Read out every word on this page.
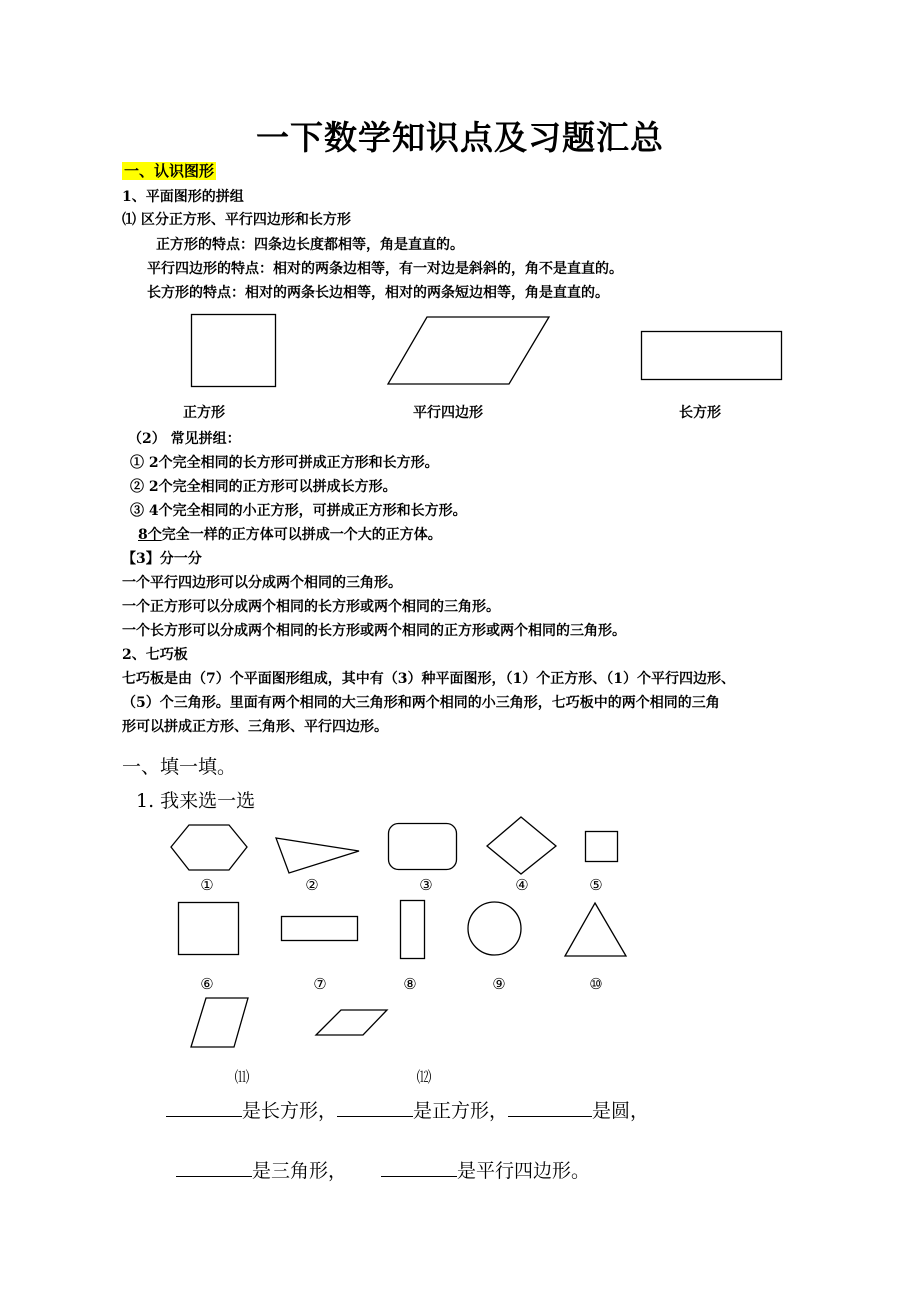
一下数学知识点及习题汇总
一、认识图形
1、平面图形的拼组
⑴ 区分正方形、平行四边形和长方形
正方形的特点：四条边长度都相等，角是直直的。
平行四边形的特点：相对的两条边相等，有一对边是斜斜的，角不是直直的。
长方形的特点：相对的两条长边相等，相对的两条短边相等，角是直直的。
正方形	平行四边形	长方形
（2） 常见拼组：
① 2个完全相同的长方形可拼成正方形和长方形。
② 2个完全相同的正方形可以拼成长方形。
③ 4个完全相同的小正方形，可拼成正方形和长方形。
8个完全一样的正方体可以拼成一个大的正方体。
【3】分一分
一个平行四边形可以分成两个相同的三角形。
一个正方形可以分成两个相同的长方形或两个相同的三角形。
一个长方形可以分成两个相同的长方形或两个相同的正方形或两个相同的三角形。
2、七巧板
七巧板是由（7）个平面图形组成，其中有（3）种平面图形，（1）个正方形、（1）个平行四边形、
（5）个三角形。里面有两个相同的大三角形和两个相同的小三角形，七巧板中的两个相同的三角
形可以拼成正方形、三角形、平行四边形。
一、填一填。
1. 我来选一选
①	②	③	④	⑤
⑥	⑦	⑧	⑨	⑩
⑾	⑿
是长方形，	是正方形，	是圆，
是三角形，	是平行四边形。
